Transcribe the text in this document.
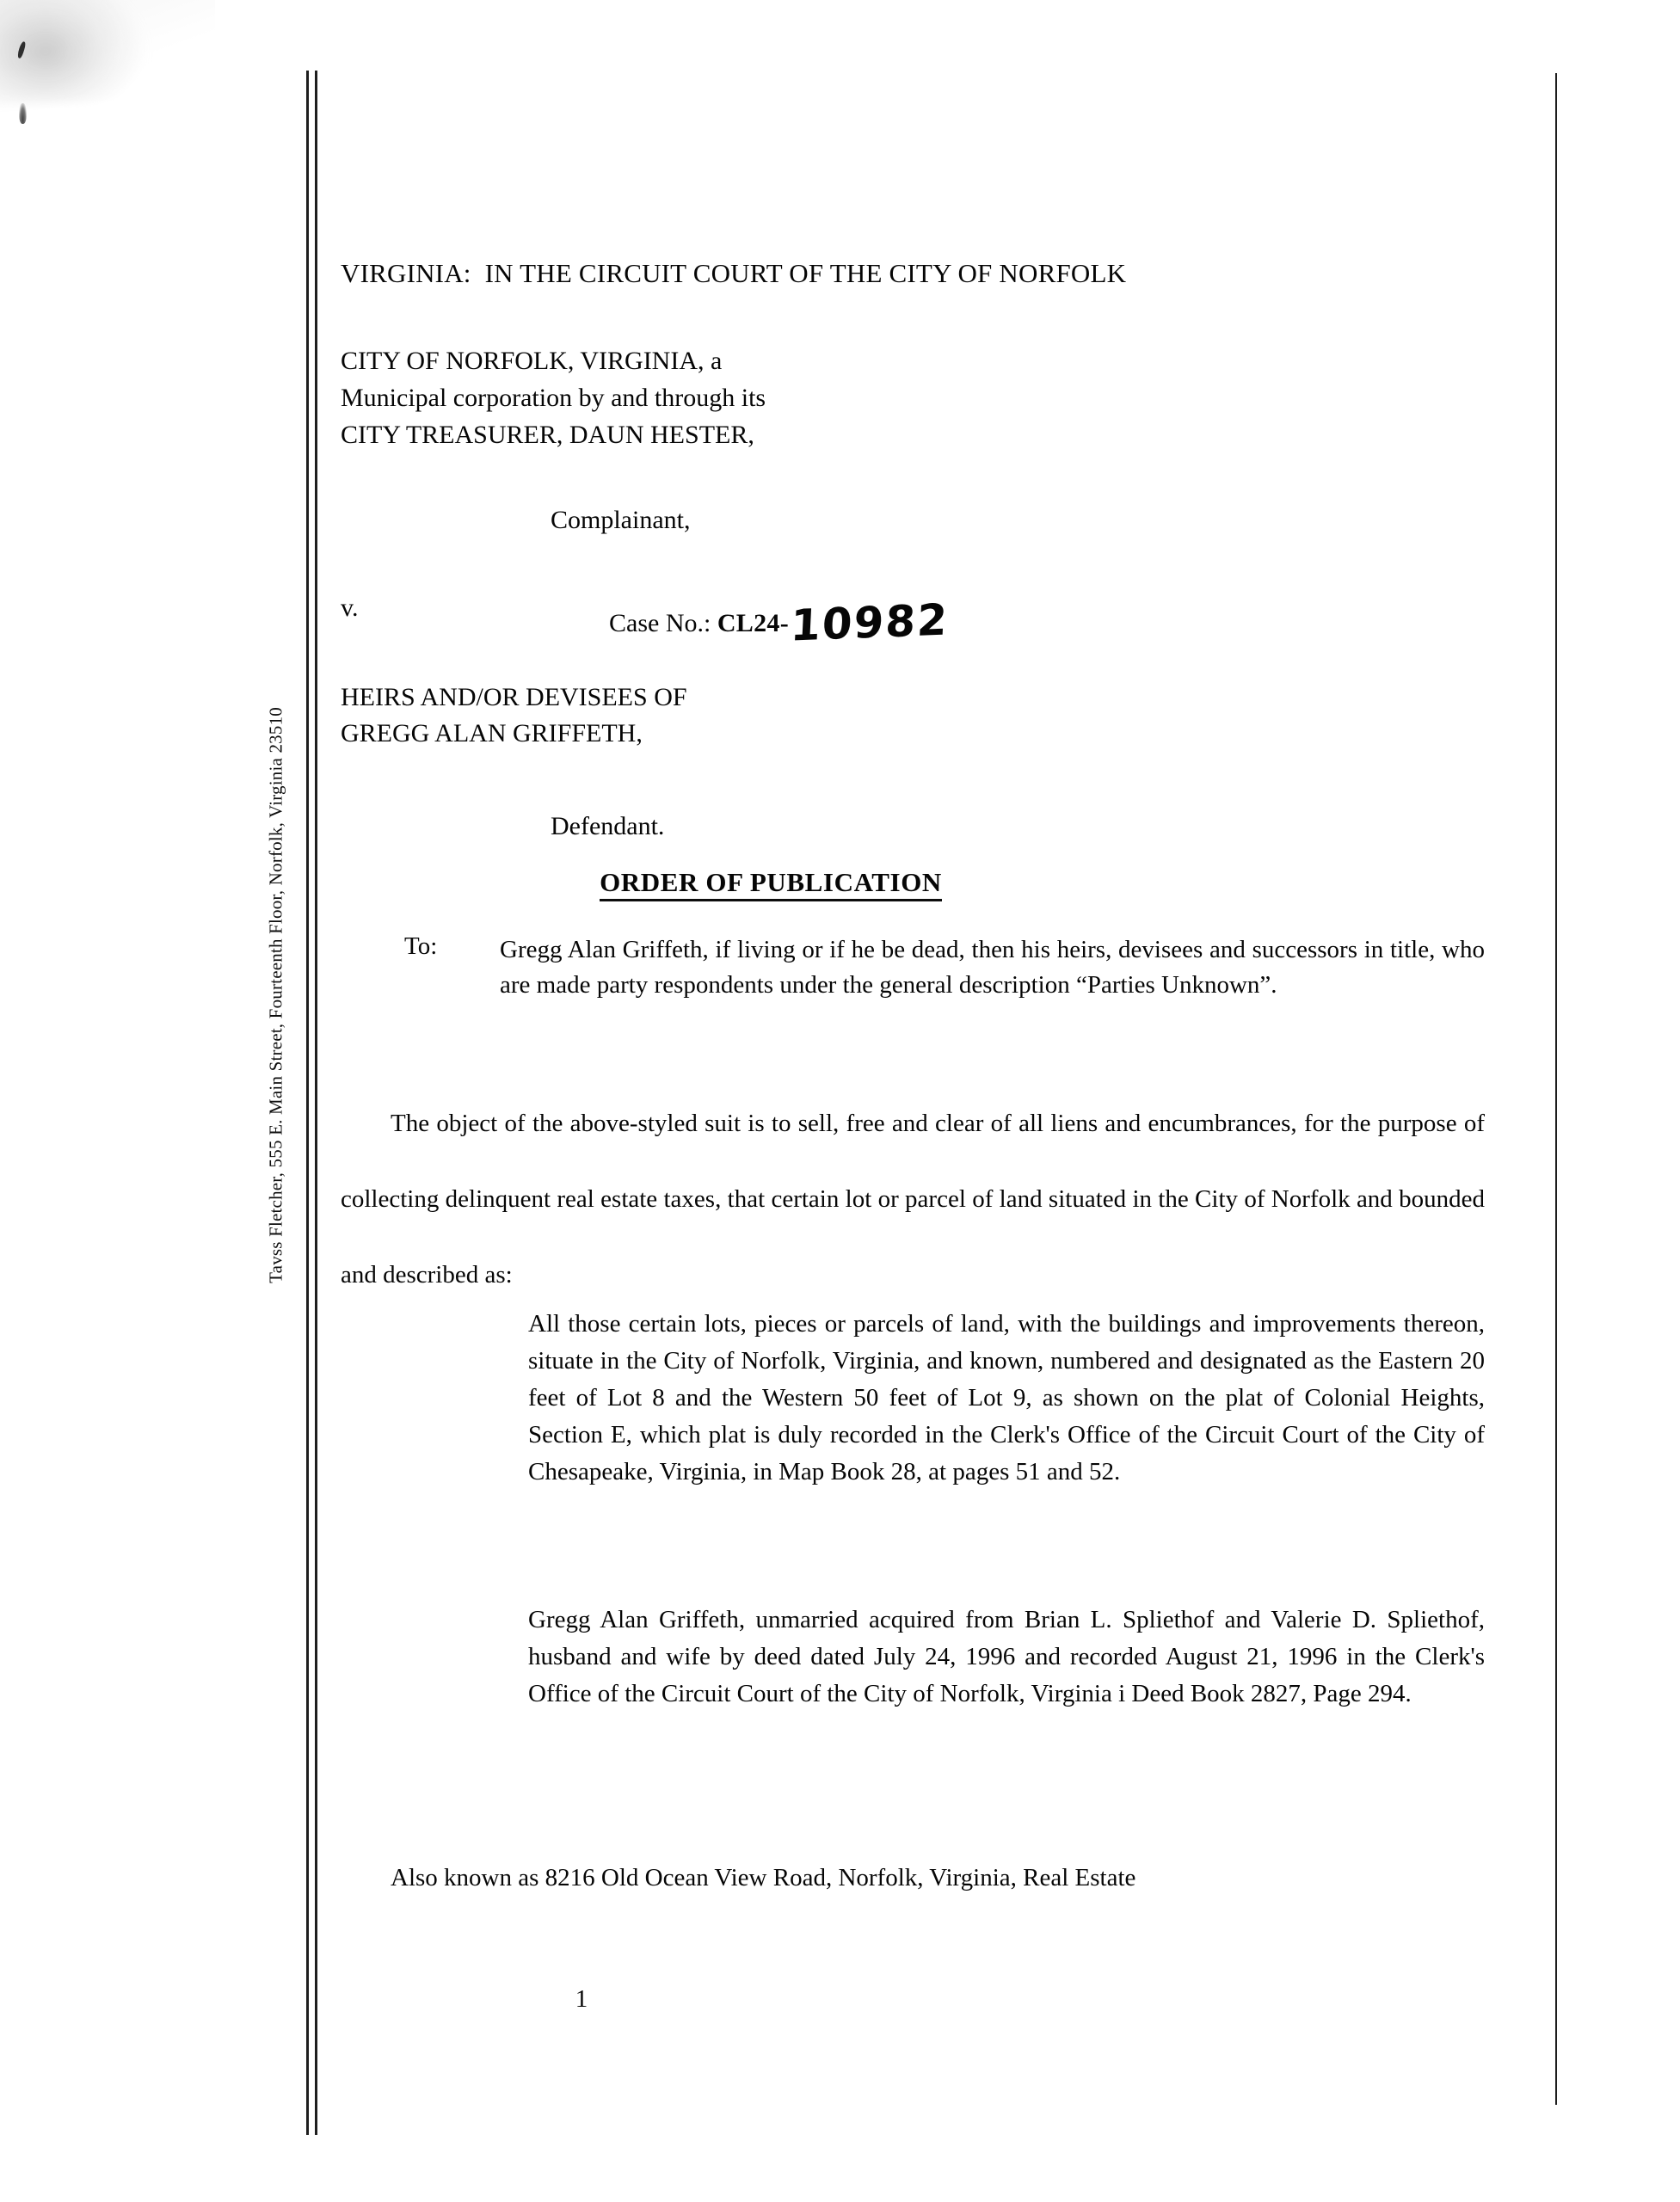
Tavss Fletcher, 555 E. Main Street, Fourteenth Floor, Norfolk, Virginia 23510
VIRGINIA: IN THE CIRCUIT COURT OF THE CITY OF NORFOLK
CITY OF NORFOLK, VIRGINIA, a
Municipal corporation by and through its
CITY TREASURER, DAUN HESTER,
Complainant,
v.
Case No.: CL24-10982
HEIRS AND/OR DEVISEES OF
GREGG ALAN GRIFFETH,
Defendant.
ORDER OF PUBLICATION
To:	Gregg Alan Griffeth, if living or if he be dead, then his heirs, devisees and successors in title, who are made party respondents under the general description “Parties Unknown”.
The object of the above-styled suit is to sell, free and clear of all liens and encumbrances, for the purpose of collecting delinquent real estate taxes, that certain lot or parcel of land situated in the City of Norfolk and bounded and described as:
All those certain lots, pieces or parcels of land, with the buildings and improvements thereon, situate in the City of Norfolk, Virginia, and known, numbered and designated as the Eastern 20 feet of Lot 8 and the Western 50 feet of Lot 9, as shown on the plat of Colonial Heights, Section E, which plat is duly recorded in the Clerk's Office of the Circuit Court of the City of Chesapeake, Virginia, in Map Book 28, at pages 51 and 52.
Gregg Alan Griffeth, unmarried acquired from Brian L. Spliethof and Valerie D. Spliethof, husband and wife by deed dated July 24, 1996 and recorded August 21, 1996 in the Clerk's Office of the Circuit Court of the City of Norfolk, Virginia i Deed Book 2827, Page 294.
Also known as 8216 Old Ocean View Road, Norfolk, Virginia, Real Estate
1
